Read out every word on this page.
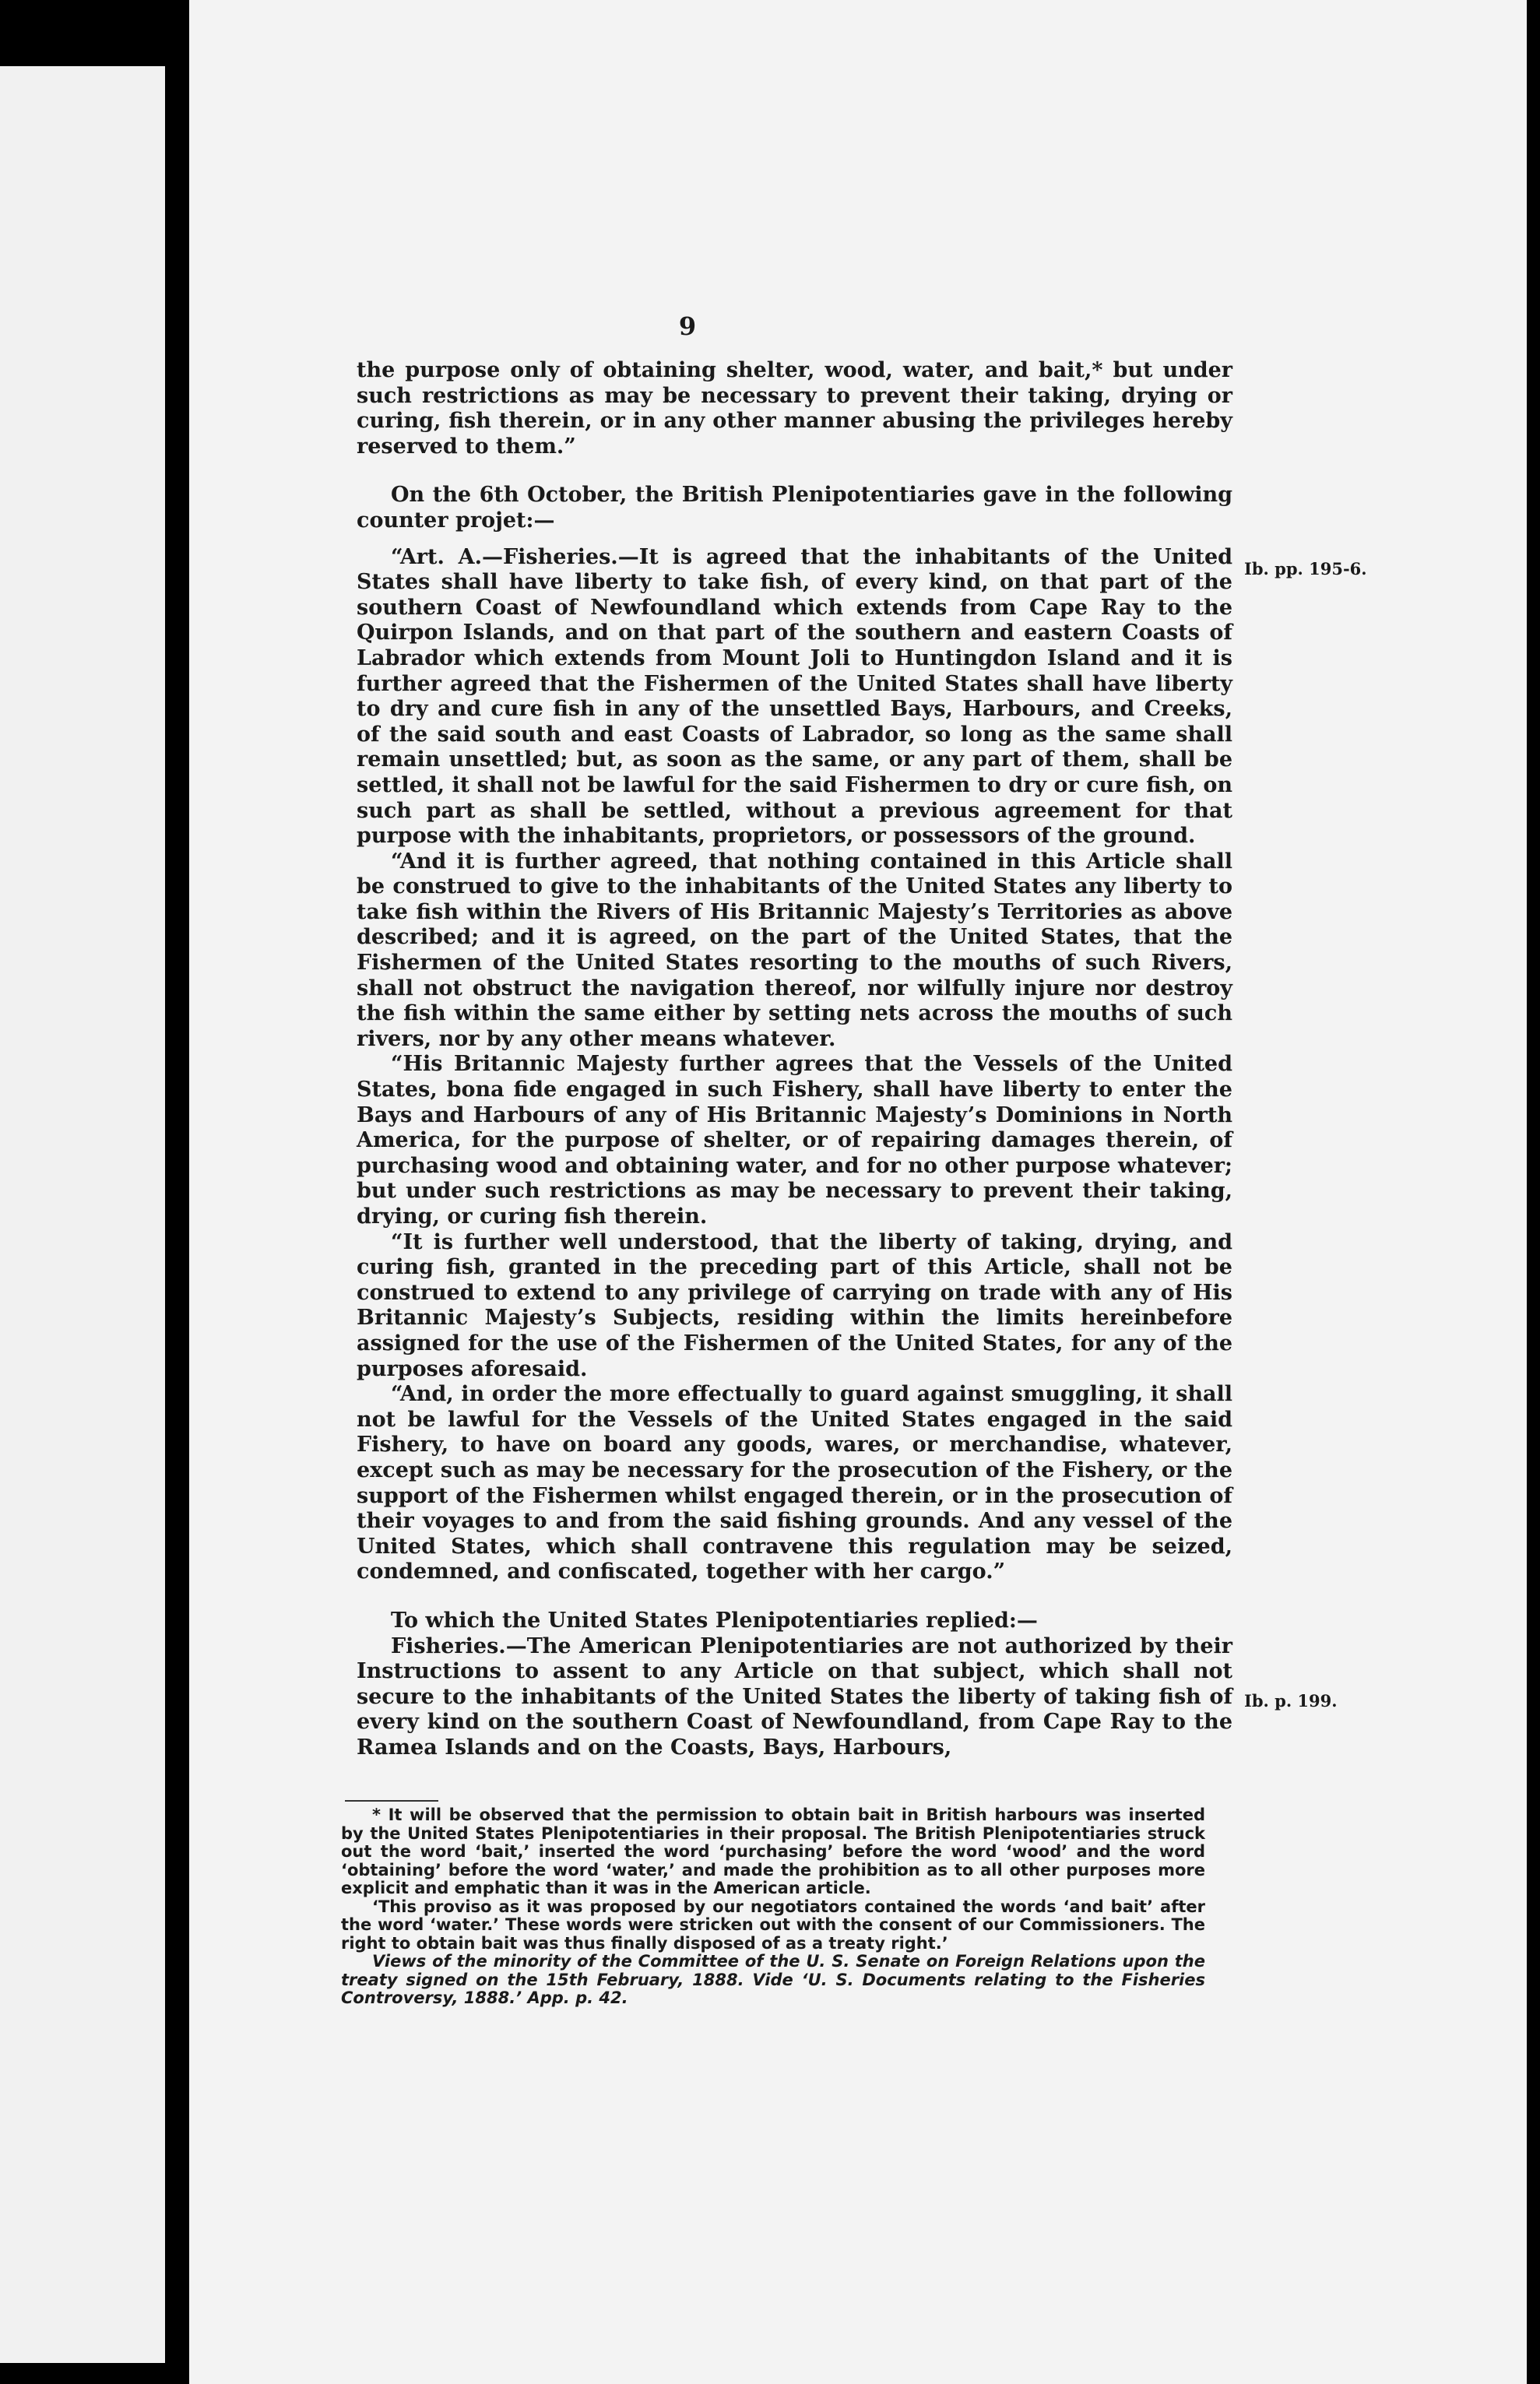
9

the purpose only of obtaining shelter, wood, water, and bait,* but under such restrictions as may be necessary to prevent their taking, drying or curing, fish therein, or in any other manner abusing the privileges hereby reserved to them.”

On the 6th October, the British Plenipotentiaries gave in the following counter projet:—

“Art. A.—Fisheries.—It is agreed that the inhabitants of the United States shall have liberty to take fish, of every kind, on that part of the southern Coast of Newfoundland which extends from Cape Ray to the Quirpon Islands, and on that part of the southern and eastern Coasts of Labrador which extends from Mount Joli to Huntingdon Island and it is further agreed that the Fishermen of the United States shall have liberty to dry and cure fish in any of the unsettled Bays, Harbours, and Creeks, of the said south and east Coasts of Labrador, so long as the same shall remain unsettled; but, as soon as the same, or any part of them, shall be settled, it shall not be lawful for the said Fishermen to dry or cure fish, on such part as shall be settled, without a previous agreement for that purpose with the inhabitants, proprietors, or possessors of the ground.

“And it is further agreed, that nothing contained in this Article shall be construed to give to the inhabitants of the United States any liberty to take fish within the Rivers of His Britannic Majesty’s Territories as above described; and it is agreed, on the part of the United States, that the Fishermen of the United States resorting to the mouths of such Rivers, shall not obstruct the navigation thereof, nor wilfully injure nor destroy the fish within the same either by setting nets across the mouths of such rivers, nor by any other means whatever.

“His Britannic Majesty further agrees that the Vessels of the United States, bona fide engaged in such Fishery, shall have liberty to enter the Bays and Harbours of any of His Britannic Majesty’s Dominions in North America, for the purpose of shelter, or of repairing damages therein, of purchasing wood and obtaining water, and for no other purpose whatever; but under such restrictions as may be necessary to prevent their taking, drying, or curing fish therein.

“It is further well understood, that the liberty of taking, drying, and curing fish, granted in the preceding part of this Article, shall not be construed to extend to any privilege of carrying on trade with any of His Britannic Majesty’s Subjects, residing within the limits hereinbefore assigned for the use of the Fishermen of the United States, for any of the purposes aforesaid.

“And, in order the more effectually to guard against smuggling, it shall not be lawful for the Vessels of the United States engaged in the said Fishery, to have on board any goods, wares, or merchandise, whatever, except such as may be necessary for the prosecution of the Fishery, or the support of the Fishermen whilst engaged therein, or in the prosecution of their voyages to and from the said fishing grounds. And any vessel of the United States, which shall contravene this regulation may be seized, condemned, and confiscated, together with her cargo.”

To which the United States Plenipotentiaries replied:—

Fisheries.—The American Plenipotentiaries are not authorized by their Instructions to assent to any Article on that subject, which shall not secure to the inhabitants of the United States the liberty of taking fish of every kind on the southern Coast of Newfoundland, from Cape Ray to the Ramea Islands and on the Coasts, Bays, Harbours,

Ib. pp. 195-6.
Ib. p. 199.

* It will be observed that the permission to obtain bait in British harbours was inserted by the United States Plenipotentiaries in their proposal. The British Plenipotentiaries struck out the word ‘bait,’ inserted the word ‘purchasing’ before the word ‘wood’ and the word ‘obtaining’ before the word ‘water,’ and made the prohibition as to all other purposes more explicit and emphatic than it was in the American article.

‘This proviso as it was proposed by our negotiators contained the words ‘and bait’ after the word ‘water.’ These words were stricken out with the consent of our Commissioners. The right to obtain bait was thus finally disposed of as a treaty right.’

Views of the minority of the Committee of the U. S. Senate on Foreign Relations upon the treaty signed on the 15th February, 1888. Vide ‘U. S. Documents relating to the Fisheries Controversy, 1888.’ App. p. 42.
